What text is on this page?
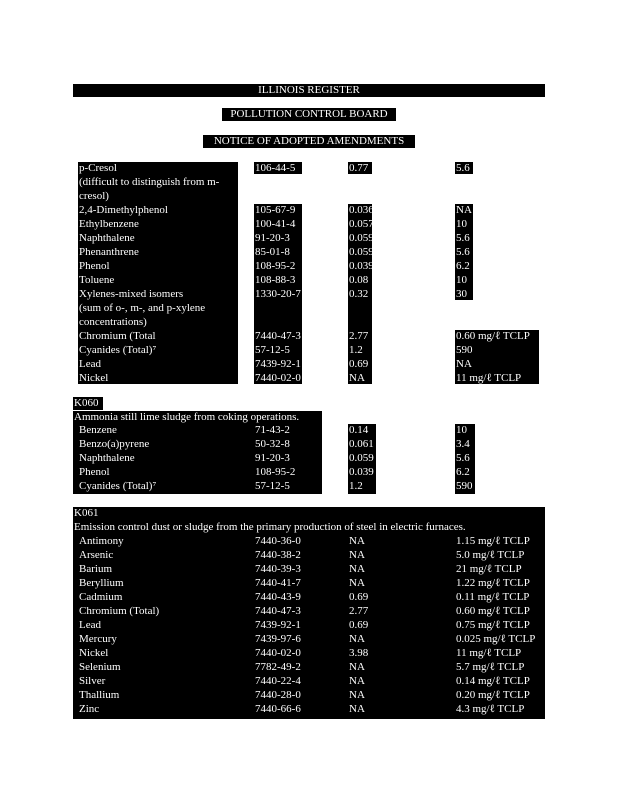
ILLINOIS REGISTER
POLLUTION CONTROL BOARD
NOTICE OF ADOPTED AMENDMENTS
p-Cresol	106-44-5	0.77	5.6
(difficult to distinguish from m-
cresol)
2,4-Dimethylphenol	105-67-9	0.036	NA
Ethylbenzene	100-41-4	0.057	10
Naphthalene	91-20-3	0.059	5.6
Phenanthrene	85-01-8	0.059	5.6
Phenol	108-95-2	0.039	6.2
Toluene	108-88-3	0.08	10
Xylenes-mixed isomers	1330-20-7	0.32	30
(sum of o-, m-, and p-xylene
concentrations)
Chromium (Total	7440-47-3	2.77	0.60 mg/ℓ TCLP
Cyanides (Total)⁷	57-12-5	1.2	590
Lead	7439-92-1	0.69	NA
Nickel	7440-02-0	NA	11 mg/ℓ TCLP
K060
Ammonia still lime sludge from coking operations.
Benzene	71-43-2	0.14	10
Benzo(a)pyrene	50-32-8	0.061	3.4
Naphthalene	91-20-3	0.059	5.6
Phenol	108-95-2	0.039	6.2
Cyanides (Total)⁷	57-12-5	1.2	590
K061
Emission control dust or sludge from the primary production of steel in electric furnaces.
Antimony	7440-36-0	NA	1.15 mg/ℓ TCLP
Arsenic	7440-38-2	NA	5.0 mg/ℓ TCLP
Barium	7440-39-3	NA	21 mg/ℓ TCLP
Beryllium	7440-41-7	NA	1.22 mg/ℓ TCLP
Cadmium	7440-43-9	0.69	0.11 mg/ℓ TCLP
Chromium (Total)	7440-47-3	2.77	0.60 mg/ℓ TCLP
Lead	7439-92-1	0.69	0.75 mg/ℓ TCLP
Mercury	7439-97-6	NA	0.025 mg/ℓ TCLP
Nickel	7440-02-0	3.98	11 mg/ℓ TCLP
Selenium	7782-49-2	NA	5.7 mg/ℓ TCLP
Silver	7440-22-4	NA	0.14 mg/ℓ TCLP
Thallium	7440-28-0	NA	0.20 mg/ℓ TCLP
Zinc	7440-66-6	NA	4.3 mg/ℓ TCLP
